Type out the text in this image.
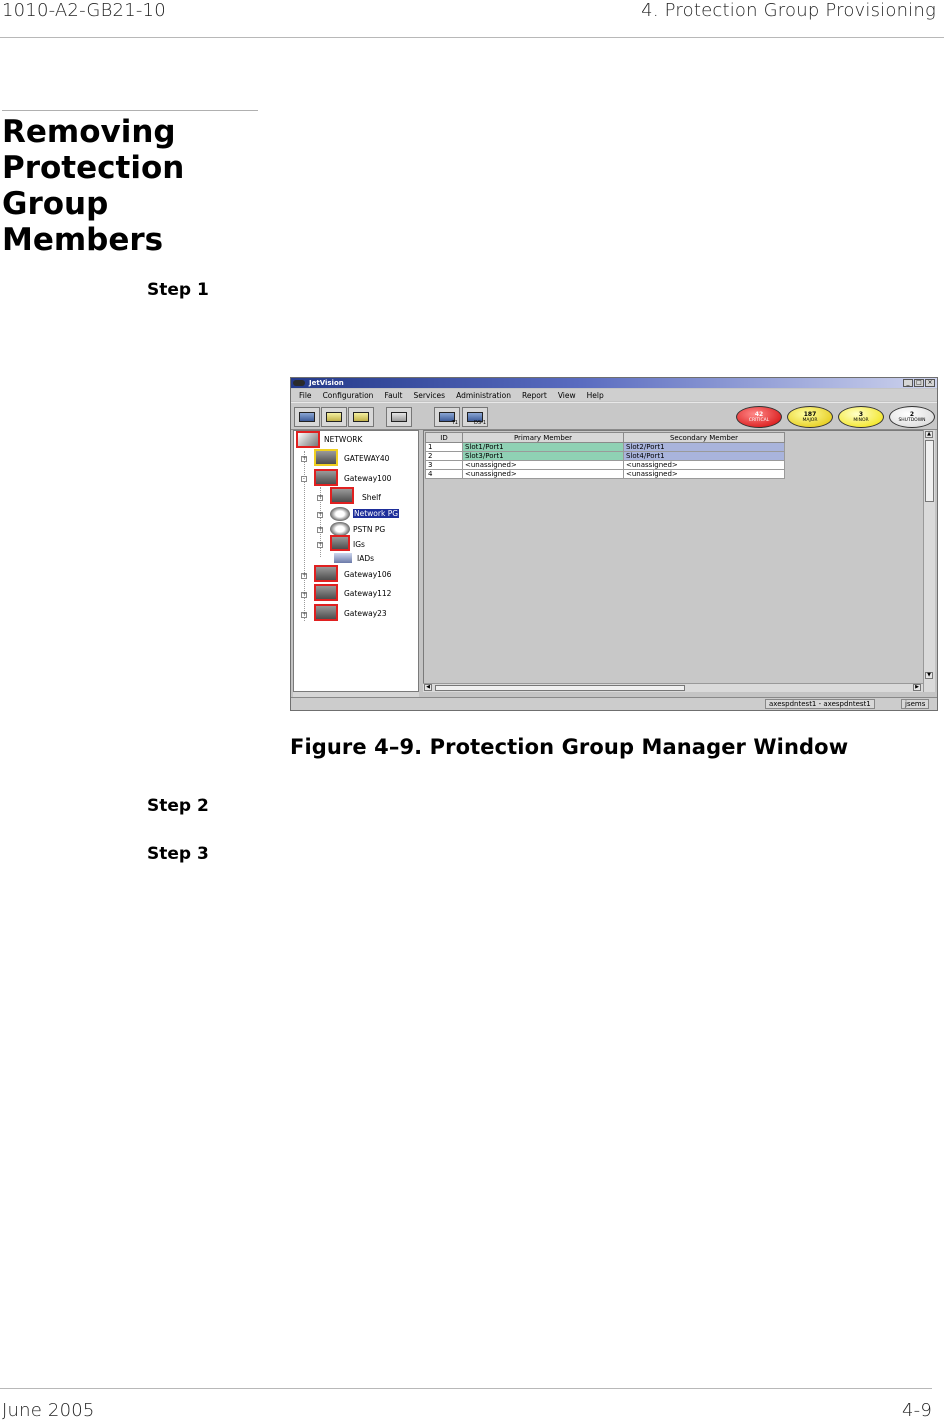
1010-A2-GB21-10	4. Protection Group Provisioning
Removing
Protection
Group
Members
Step 1
Step 2
Step 3
JetVision	_	□ ×
File Configuration Fault Services Administration Report View Help
T1	DS-1
42
CRITICAL
187
MAJOR
3
MINOR
2
SHUTDOWN
NETWORK
+	GATEWAY40
-	Gateway100
+	Shelf
+	Network PG
+	PSTN PG
+	IGs
IADs
+	Gateway106
+	Gateway112
+	Gateway23
ID	Primary Member	Secondary Member
1	Slot1/Port1	Slot2/Port1
2	Slot3/Port1	Slot4/Port1
3	<unassigned>	<unassigned>
4	<unassigned>	<unassigned>
▲
▼
◀	▶
axespdntest1 - axespdntest1	jsems
Figure 4–9. Protection Group Manager Window
June 2005	4-9
